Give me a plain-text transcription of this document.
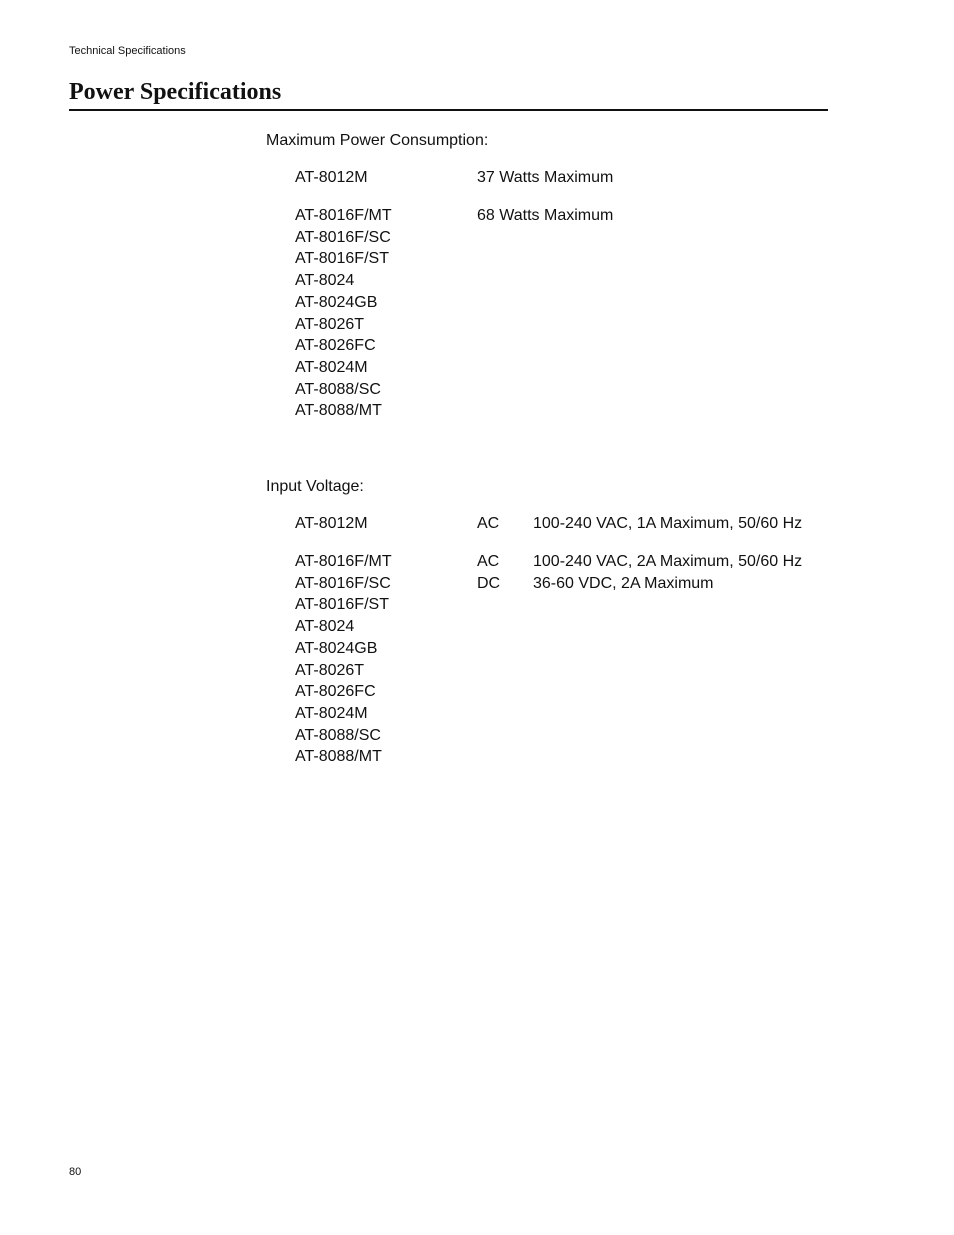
Technical Specifications
Power Specifications
Maximum Power Consumption:
AT-8012M	37 Watts Maximum
AT-8016F/MT
AT-8016F/SC
AT-8016F/ST
AT-8024
AT-8024GB
AT-8026T
AT-8026FC
AT-8024M
AT-8088/SC
AT-8088/MT
68 Watts Maximum
Input Voltage:
AT-8012M	AC 100-240 VAC, 1A Maximum, 50/60 Hz
AT-8016F/MT
AT-8016F/SC
AT-8016F/ST
AT-8024
AT-8024GB
AT-8026T
AT-8026FC
AT-8024M
AT-8088/SC
AT-8088/MT
AC 100-240 VAC, 2A Maximum, 50/60 Hz
DC 36-60 VDC, 2A Maximum
80
